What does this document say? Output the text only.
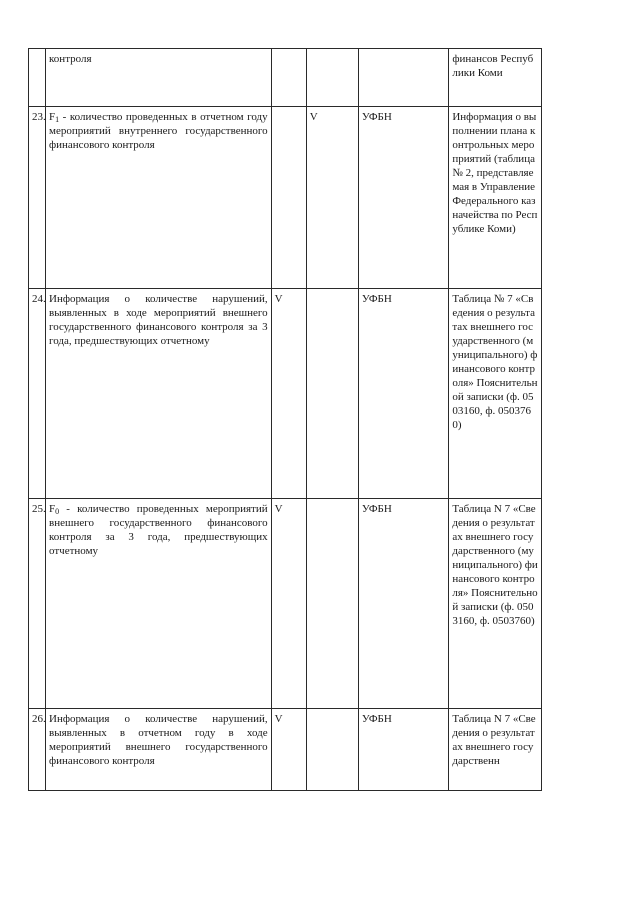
	контроля				финансов Республики Коми
23.	$F_1$ - количество проведенных в отчетном году мероприятий внутреннего государственного финансового контроля		V	УФБН	Информация о выполнении плана контрольных мероприятий (таблица № 2, представляемая в Управление Федерального казначейства по Республике Коми)
24.	Информация о количестве нарушений, выявленных в ходе мероприятий внешнего государственного финансового контроля за 3 года, предшествующих отчетному	V		УФБН	Таблица № 7 «Сведения о результатах внешнего государственного (муниципального) финансового контроля» Пояснительной записки (ф. 0503160, ф. 0503760)
25.	$F_0$ - количество проведенных мероприятий внешнего государственного финансового контроля за 3 года, предшествующих отчетному	V		УФБН	Таблица N 7 «Сведения о результатах внешнего государственного (муниципального) финансового контроля» Пояснительной записки (ф. 0503160, ф. 0503760)
26.	Информация о количестве нарушений, выявленных в отчетном году в ходе мероприятий внешнего государственного финансового контроля	V		УФБН	Таблица N 7 «Сведения о результатах внешнего государственн
